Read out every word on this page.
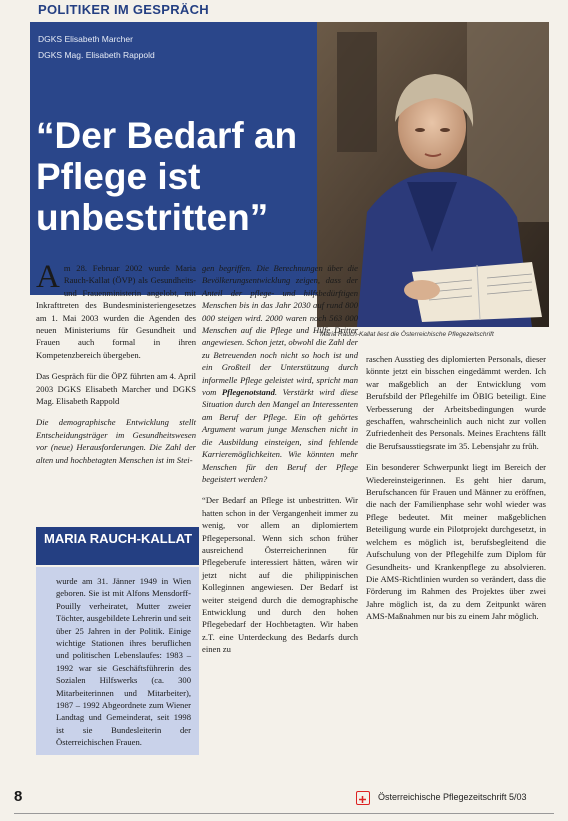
POLITIKER IM GESPRÄCH
DGKS Elisabeth Marcher
DGKS Mag. Elisabeth Rappold
“Der Bedarf an Pflege ist unbestritten”
Maria Rauch-Kallat liest die Österreichische Pflegezeitschrift

Am 28. Februar 2002 wurde Maria Rauch-Kallat (ÖVP) als Gesundheits- und Frauenministerin angelobt, mit Inkrafttreten des Bundesministeriengesetzes am 1. Mai 2003 wurden die Agenden des neuen Ministeriums für Gesundheit und Frauen auch formal in ihren Kompetenzbereich übergeben.

Das Gespräch für die ÖPZ führten am 4. April 2003 DGKS Elisabeth Marcher und DGKS Mag. Elisabeth Rappold

Die demographische Entwicklung stellt Entscheidungsträger im Gesundheitswesen vor (neue) Herausforderungen. Die Zahl der alten und hochbetagten Menschen ist im Stei-

MARIA RAUCH-KALLAT
wurde am 31. Jänner 1949 in Wien geboren. Sie ist mit Alfons Mensdorff-Pouilly verheiratet, Mutter zweier Töchter, ausgebildete Lehrerin und seit über 25 Jahren in der Politik. Einige wichtige Stationen ihres beruflichen und politischen Lebenslaufes: 1983 – 1992 war sie Geschäftsführerin des Sozialen Hilfswerks (ca. 300 Mitarbeiterinnen und Mitarbeiter), 1987 – 1992 Abgeordnete zum Wiener Landtag und Gemeinderat, seit 1998 ist sie Bundesleiterin der Österreichischen Frauen.

gen begriffen. Die Berechnungen über die Bevölkerungsentwicklung zeigen, dass der Anteil der pflege- und hilfsbedürftigen Menschen bis in das Jahr 2030 auf rund 800 000 steigen wird. 2000 waren noch 563 000 Menschen auf die Pflege und Hilfe Dritter angewiesen. Schon jetzt, obwohl die Zahl der zu Betreuenden noch nicht so hoch ist und ein Großteil der Unterstützung durch informelle Pflege geleistet wird, spricht man vom Pflegenotstand. Verstärkt wird diese Situation durch den Mangel an Interessenten am Beruf der Pflege. Ein oft gehörtes Argument warum junge Menschen nicht in die Ausbildung einsteigen, sind fehlende Karrieremöglichkeiten. Wie könnten mehr Menschen für den Beruf der Pflege begeistert werden?

“Der Bedarf an Pflege ist unbestritten. Wir hatten schon in der Vergangenheit immer zu wenig, vor allem an diplomiertem Pflegepersonal. Wenn sich schon früher ausreichend Österreicherinnen für Pflegeberufe interessiert hätten, wären wir jetzt nicht auf die philippinischen Kolleginnen angewiesen. Der Bedarf ist weiter steigend durch die demographische Entwicklung und durch den hohen Pflegebedarf der Hochbetagten. Wir haben z.T. eine Unterdeckung des Bedarfs durch einen zu

raschen Ausstieg des diplomierten Personals, dieser könnte jetzt ein bisschen eingedämmt werden. Ich war maßgeblich an der Entwicklung vom Berufsbild der Pflegehilfe im ÖBIG beteiligt. Eine Verbesserung der Arbeitsbedingungen wurde geschaffen, wahrscheinlich auch nicht zur vollen Zufriedenheit des Personals. Meines Erachtens fällt die Berufsausstiegsrate im 35. Lebensjahr zu früh.

Ein besonderer Schwerpunkt liegt im Bereich der Wiedereinsteigerinnen. Es geht hier darum, Berufschancen für Frauen und Männer zu eröffnen, die nach der Familienphase sehr wohl wieder was Pflege bedeutet. Mit meiner maßgeblichen Beteiligung wurde ein Pilotprojekt durchgesetzt, in welchem es möglich ist, berufsbegleitend die Aufschulung von der Pflegehilfe zum Diplom für Gesundheits- und Krankenpflege zu absolvieren. Die AMS-Richtlinien wurden so verändert, dass die Förderung im Rahmen des Projektes über zwei Jahre möglich ist, da zu dem Zeitpunkt wären AMS-Maßnahmen nur bis zu einem Jahr möglich.

8	Österreichische Pflegezeitschrift 5/03
